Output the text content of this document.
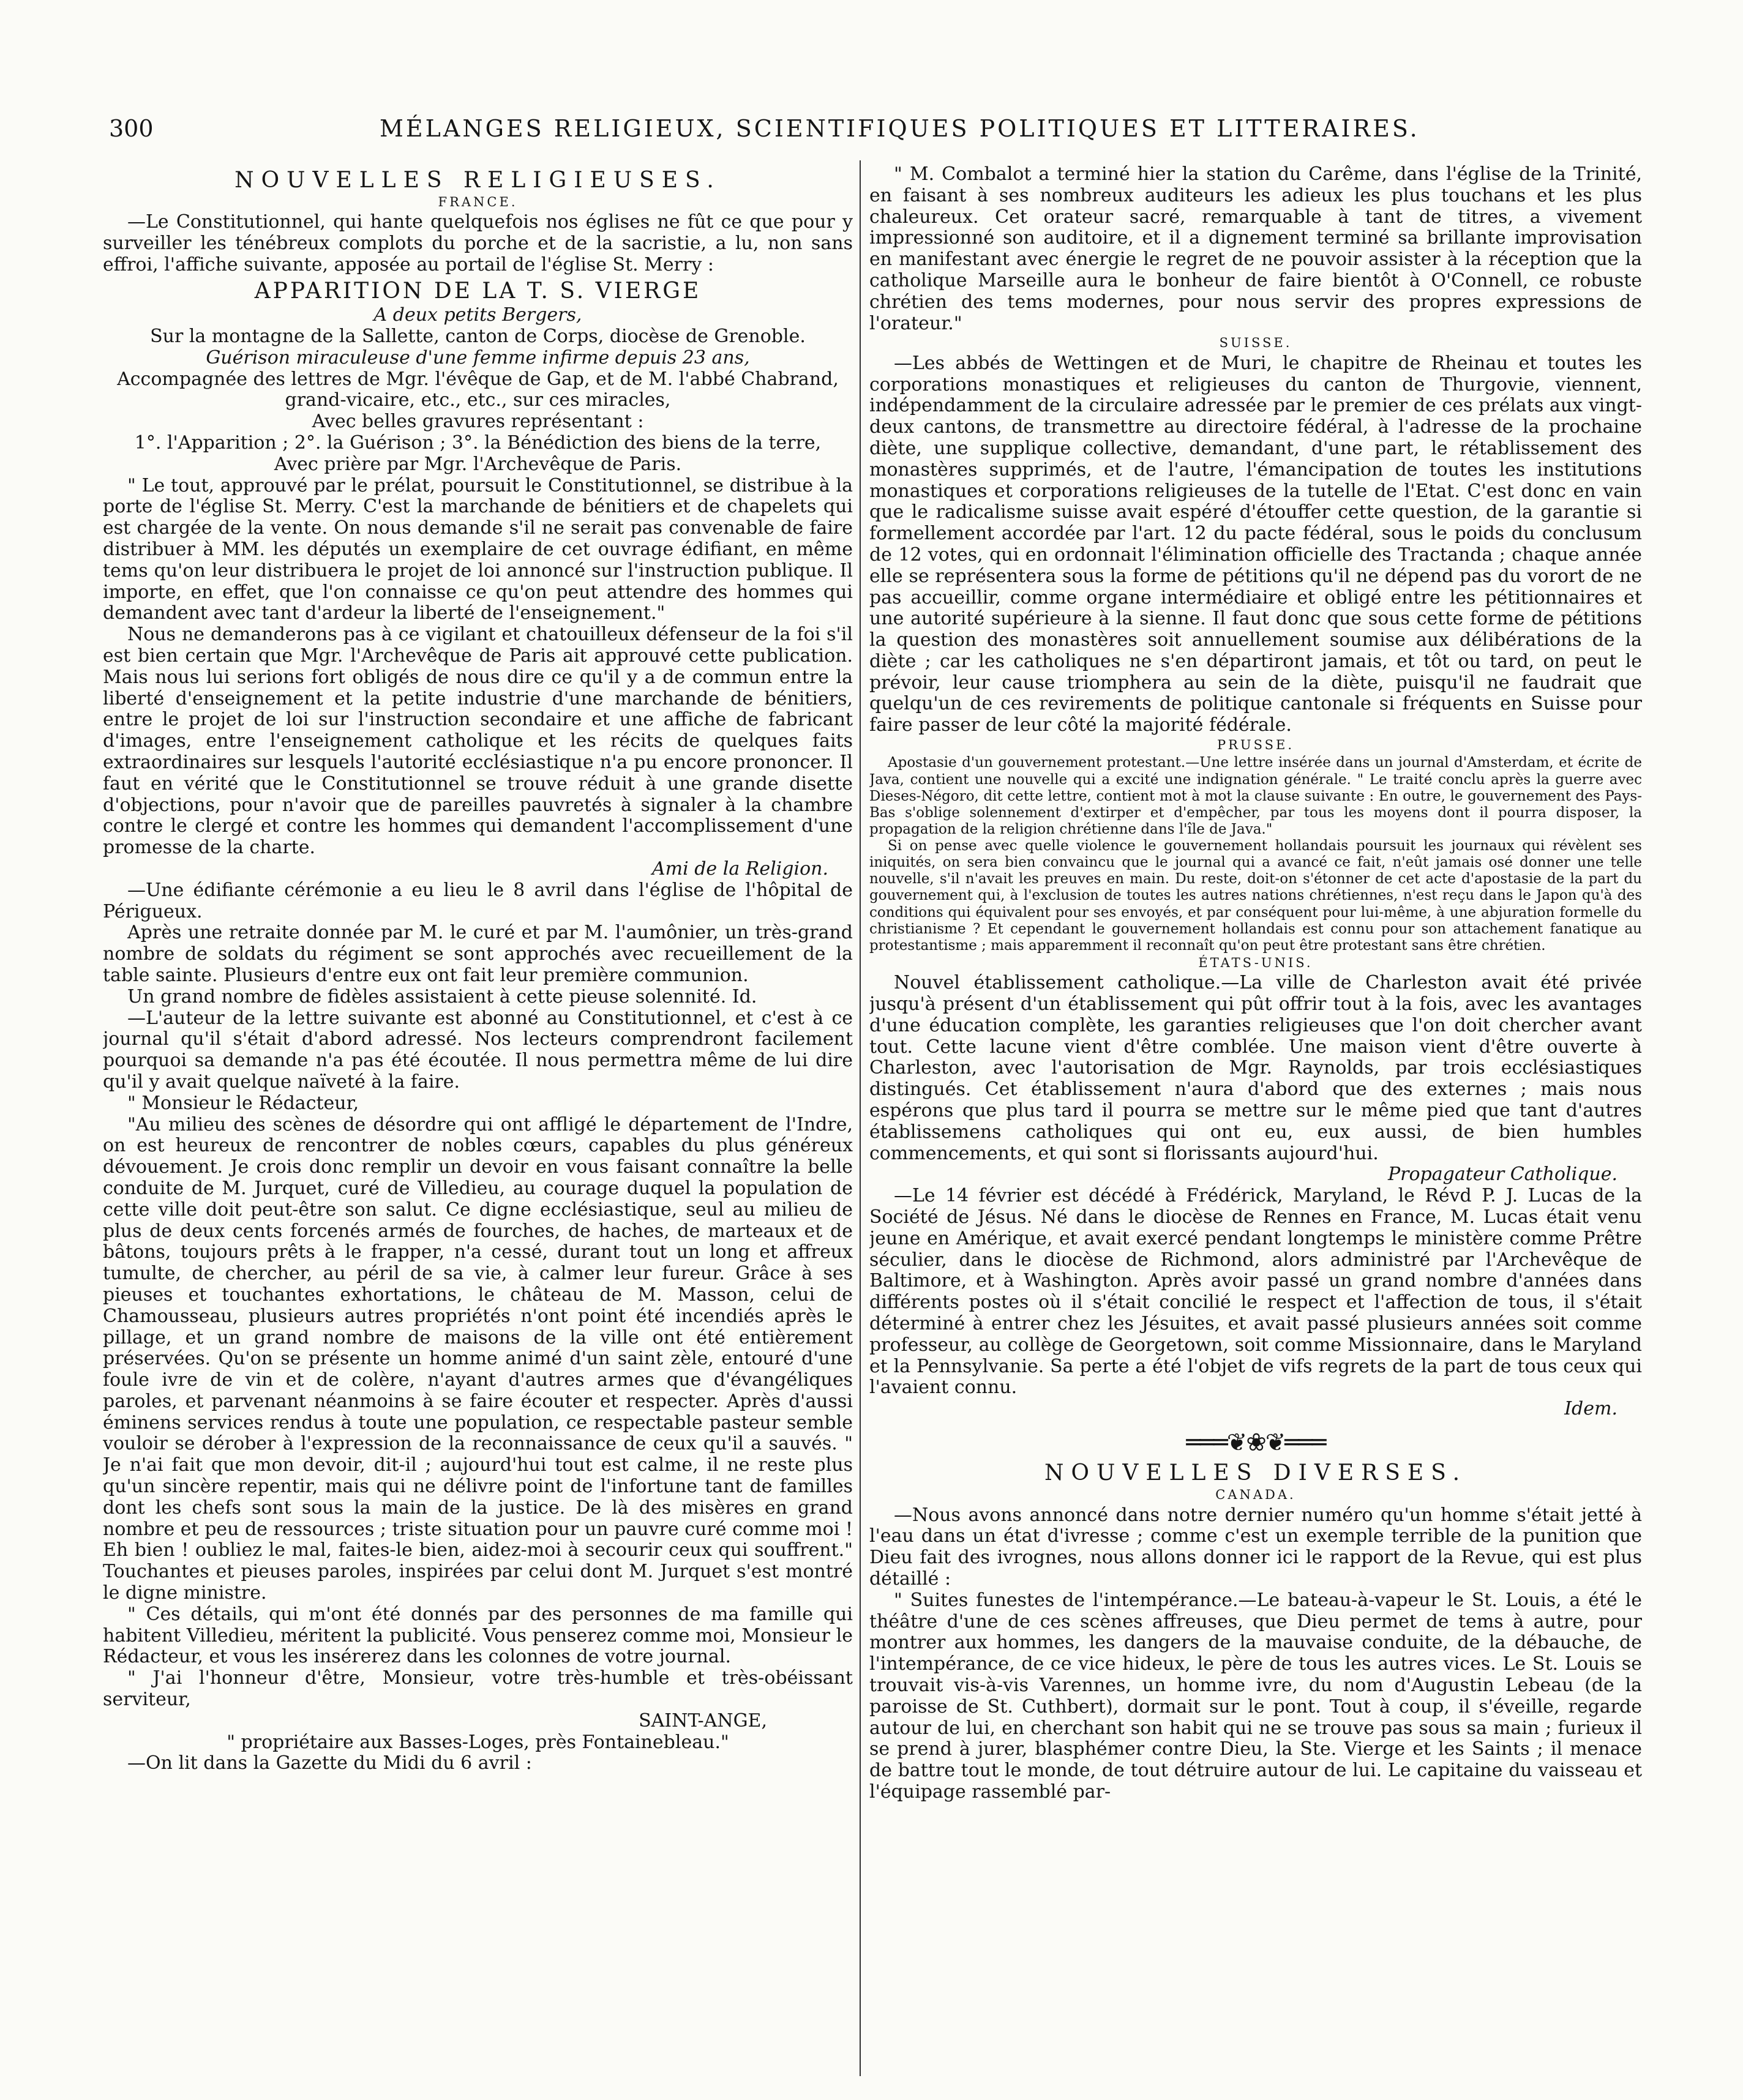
300	MÉLANGES RELIGIEUX, SCIENTIFIQUES POLITIQUES ET LITTERAIRES.
NOUVELLES RELIGIEUSES.
FRANCE.
—Le Constitutionnel, qui hante quelquefois nos églises ne fût ce que pour y surveiller les ténébreux complots du porche et de la sacristie, a lu, non sans effroi, l'affiche suivante, apposée au portail de l'église St. Merry :
APPARITION DE LA T. S. VIERGE
A deux petits Bergers,
Sur la montagne de la Sallette, canton de Corps, diocèse de Grenoble.
Guérison miraculeuse d'une femme infirme depuis 23 ans,
Accompagnée des lettres de Mgr. l'évêque de Gap, et de M. l'abbé Chabrand, grand-vicaire, etc., etc., sur ces miracles,
Avec belles gravures représentant :
1°. l'Apparition ; 2°. la Guérison ; 3°. la Bénédiction des biens de la terre,
Avec prière par Mgr. l'Archevêque de Paris.
" Le tout, approuvé par le prélat, poursuit le Constitutionnel, se distribue à la porte de l'église St. Merry. C'est la marchande de bénitiers et de chapelets qui est chargée de la vente. On nous demande s'il ne serait pas convenable de faire distribuer à MM. les députés un exemplaire de cet ouvrage édifiant, en même tems qu'on leur distribuera le projet de loi annoncé sur l'instruction publique. Il importe, en effet, que l'on connaisse ce qu'on peut attendre des hommes qui demandent avec tant d'ardeur la liberté de l'enseignement."
Nous ne demanderons pas à ce vigilant et chatouilleux défenseur de la foi s'il est bien certain que Mgr. l'Archevêque de Paris ait approuvé cette publication. Mais nous lui serions fort obligés de nous dire ce qu'il y a de commun entre la liberté d'enseignement et la petite industrie d'une marchande de bénitiers, entre le projet de loi sur l'instruction secondaire et une affiche de fabricant d'images, entre l'enseignement catholique et les récits de quelques faits extraordinaires sur lesquels l'autorité ecclésiastique n'a pu encore prononcer. Il faut en vérité que le Constitutionnel se trouve réduit à une grande disette d'objections, pour n'avoir que de pareilles pauvretés à signaler à la chambre contre le clergé et contre les hommes qui demandent l'accomplissement d'une promesse de la charte.
Ami de la Religion.
—Une édifiante cérémonie a eu lieu le 8 avril dans l'église de l'hôpital de Périgueux.
Après une retraite donnée par M. le curé et par M. l'aumônier, un très-grand nombre de soldats du régiment se sont approchés avec recueillement de la table sainte. Plusieurs d'entre eux ont fait leur première communion.
Un grand nombre de fidèles assistaient à cette pieuse solennité. Id.
—L'auteur de la lettre suivante est abonné au Constitutionnel, et c'est à ce journal qu'il s'était d'abord adressé. Nos lecteurs comprendront facilement pourquoi sa demande n'a pas été écoutée. Il nous permettra même de lui dire qu'il y avait quelque naïveté à la faire.
" Monsieur le Rédacteur,
"Au milieu des scènes de désordre qui ont affligé le département de l'Indre, on est heureux de rencontrer de nobles cœurs, capables du plus généreux dévouement. Je crois donc remplir un devoir en vous faisant connaître la belle conduite de M. Jurquet, curé de Villedieu, au courage duquel la population de cette ville doit peut-être son salut. Ce digne ecclésiastique, seul au milieu de plus de deux cents forcenés armés de fourches, de haches, de marteaux et de bâtons, toujours prêts à le frapper, n'a cessé, durant tout un long et affreux tumulte, de chercher, au péril de sa vie, à calmer leur fureur. Grâce à ses pieuses et touchantes exhortations, le château de M. Masson, celui de Chamousseau, plusieurs autres propriétés n'ont point été incendiés après le pillage, et un grand nombre de maisons de la ville ont été entièrement préservées. Qu'on se présente un homme animé d'un saint zèle, entouré d'une foule ivre de vin et de colère, n'ayant d'autres armes que d'évangéliques paroles, et parvenant néanmoins à se faire écouter et respecter. Après d'aussi éminens services rendus à toute une population, ce respectable pasteur semble vouloir se dérober à l'expression de la reconnaissance de ceux qu'il a sauvés. " Je n'ai fait que mon devoir, dit-il ; aujourd'hui tout est calme, il ne reste plus qu'un sincère repentir, mais qui ne délivre point de l'infortune tant de familles dont les chefs sont sous la main de la justice. De là des misères en grand nombre et peu de ressources ; triste situation pour un pauvre curé comme moi ! Eh bien ! oubliez le mal, faites-le bien, aidez-moi à secourir ceux qui souffrent." Touchantes et pieuses paroles, inspirées par celui dont M. Jurquet s'est montré le digne ministre.
" Ces détails, qui m'ont été donnés par des personnes de ma famille qui habitent Villedieu, méritent la publicité. Vous penserez comme moi, Monsieur le Rédacteur, et vous les insérerez dans les colonnes de votre journal.
" J'ai l'honneur d'être, Monsieur, votre très-humble et très-obéissant serviteur,
SAINT-ANGE,
" propriétaire aux Basses-Loges, près Fontainebleau."
—On lit dans la Gazette du Midi du 6 avril :
" M. Combalot a terminé hier la station du Carême, dans l'église de la Trinité, en faisant à ses nombreux auditeurs les adieux les plus touchans et les plus chaleureux. Cet orateur sacré, remarquable à tant de titres, a vivement impressionné son auditoire, et il a dignement terminé sa brillante improvisation en manifestant avec énergie le regret de ne pouvoir assister à la réception que la catholique Marseille aura le bonheur de faire bientôt à O'Connell, ce robuste chrétien des tems modernes, pour nous servir des propres expressions de l'orateur."
SUISSE.
—Les abbés de Wettingen et de Muri, le chapitre de Rheinau et toutes les corporations monastiques et religieuses du canton de Thurgovie, viennent, indépendamment de la circulaire adressée par le premier de ces prélats aux vingt-deux cantons, de transmettre au directoire fédéral, à l'adresse de la prochaine diète, une supplique collective, demandant, d'une part, le rétablissement des monastères supprimés, et de l'autre, l'émancipation de toutes les institutions monastiques et corporations religieuses de la tutelle de l'Etat. C'est donc en vain que le radicalisme suisse avait espéré d'étouffer cette question, de la garantie si formellement accordée par l'art. 12 du pacte fédéral, sous le poids du conclusum de 12 votes, qui en ordonnait l'élimination officielle des Tractanda ; chaque année elle se représentera sous la forme de pétitions qu'il ne dépend pas du vorort de ne pas accueillir, comme organe intermédiaire et obligé entre les pétitionnaires et une autorité supérieure à la sienne. Il faut donc que sous cette forme de pétitions la question des monastères soit annuellement soumise aux délibérations de la diète ; car les catholiques ne s'en départiront jamais, et tôt ou tard, on peut le prévoir, leur cause triomphera au sein de la diète, puisqu'il ne faudrait que quelqu'un de ces revirements de politique cantonale si fréquents en Suisse pour faire passer de leur côté la majorité fédérale.
PRUSSE.
Apostasie d'un gouvernement protestant.—Une lettre insérée dans un journal d'Amsterdam, et écrite de Java, contient une nouvelle qui a excité une indignation générale. " Le traité conclu après la guerre avec Dieses-Négoro, dit cette lettre, contient mot à mot la clause suivante : En outre, le gouvernement des Pays-Bas s'oblige solennement d'extirper et d'empêcher, par tous les moyens dont il pourra disposer, la propagation de la religion chrétienne dans l'île de Java."
Si on pense avec quelle violence le gouvernement hollandais poursuit les journaux qui révèlent ses iniquités, on sera bien convaincu que le journal qui a avancé ce fait, n'eût jamais osé donner une telle nouvelle, s'il n'avait les preuves en main. Du reste, doit-on s'étonner de cet acte d'apostasie de la part du gouvernement qui, à l'exclusion de toutes les autres nations chrétiennes, n'est reçu dans le Japon qu'à des conditions qui équivalent pour ses envoyés, et par conséquent pour lui-même, à une abjuration formelle du christianisme ? Et cependant le gouvernement hollandais est connu pour son attachement fanatique au protestantisme ; mais apparemment il reconnaît qu'on peut être protestant sans être chrétien.
ÉTATS-UNIS.
Nouvel établissement catholique.—La ville de Charleston avait été privée jusqu'à présent d'un établissement qui pût offrir tout à la fois, avec les avantages d'une éducation complète, les garanties religieuses que l'on doit chercher avant tout. Cette lacune vient d'être comblée. Une maison vient d'être ouverte à Charleston, avec l'autorisation de Mgr. Raynolds, par trois ecclésiastiques distingués. Cet établissement n'aura d'abord que des externes ; mais nous espérons que plus tard il pourra se mettre sur le même pied que tant d'autres établissemens catholiques qui ont eu, eux aussi, de bien humbles commencements, et qui sont si florissants aujourd'hui.
Propagateur Catholique.
—Le 14 février est décédé à Frédérick, Maryland, le Révd P. J. Lucas de la Société de Jésus. Né dans le diocèse de Rennes en France, M. Lucas était venu jeune en Amérique, et avait exercé pendant longtemps le ministère comme Prêtre séculier, dans le diocèse de Richmond, alors administré par l'Archevêque de Baltimore, et à Washington. Après avoir passé un grand nombre d'années dans différents postes où il s'était concilié le respect et l'affection de tous, il s'était déterminé à entrer chez les Jésuites, et avait passé plusieurs années soit comme professeur, au collège de Georgetown, soit comme Missionnaire, dans le Maryland et la Pennsylvanie. Sa perte a été l'objet de vifs regrets de la part de tous ceux qui l'avaient connu.
Idem.
═══❦❀❦═══
NOUVELLES DIVERSES.
CANADA.
—Nous avons annoncé dans notre dernier numéro qu'un homme s'était jetté à l'eau dans un état d'ivresse ; comme c'est un exemple terrible de la punition que Dieu fait des ivrognes, nous allons donner ici le rapport de la Revue, qui est plus détaillé :
" Suites funestes de l'intempérance.—Le bateau-à-vapeur le St. Louis, a été le théâtre d'une de ces scènes affreuses, que Dieu permet de tems à autre, pour montrer aux hommes, les dangers de la mauvaise conduite, de la débauche, de l'intempérance, de ce vice hideux, le père de tous les autres vices. Le St. Louis se trouvait vis-à-vis Varennes, un homme ivre, du nom d'Augustin Lebeau (de la paroisse de St. Cuthbert), dormait sur le pont. Tout à coup, il s'éveille, regarde autour de lui, en cherchant son habit qui ne se trouve pas sous sa main ; furieux il se prend à jurer, blasphémer contre Dieu, la Ste. Vierge et les Saints ; il menace de battre tout le monde, de tout détruire autour de lui. Le capitaine du vaisseau et l'équipage rassemblé par-
